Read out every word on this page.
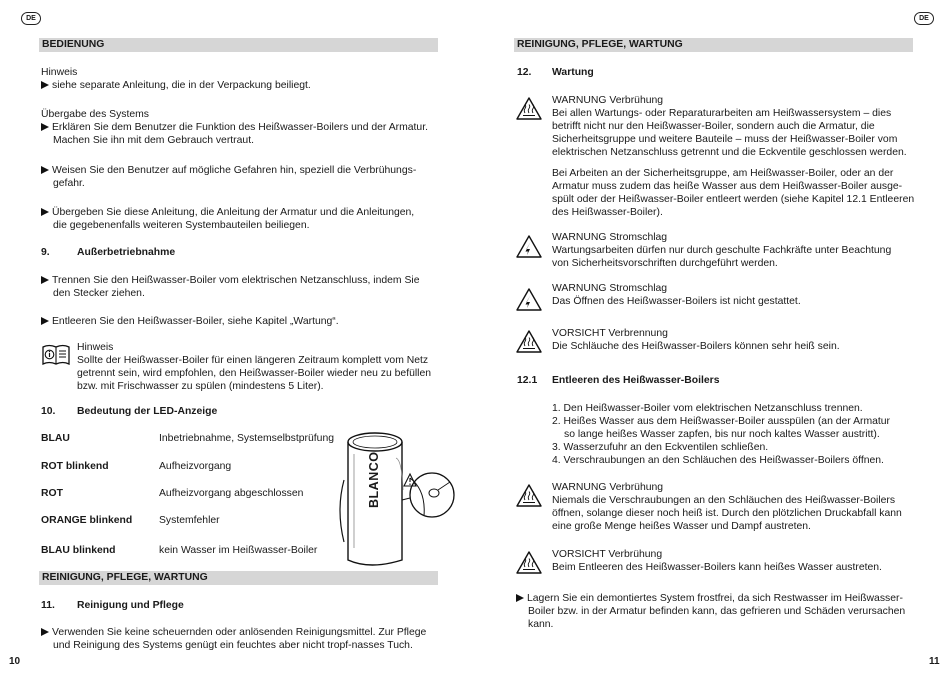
DE	DE
BEDIENUNG
Hinweis
siehe separate Anleitung, die in der Verpackung beiliegt.
Übergabe des Systems
Erklären Sie dem Benutzer die Funktion des Heißwasser-Boilers und der Armatur.
Machen Sie ihn mit dem Gebrauch vertraut.
Weisen Sie den Benutzer auf mögliche Gefahren hin, speziell die Verbrühungs-
gefahr.
Übergeben Sie diese Anleitung, die Anleitung der Armatur und die Anleitungen,
die gegebenenfalls weiteren Systembauteilen beiliegen.
9.	Außerbetriebnahme
Trennen Sie den Heißwasser-Boiler vom elektrischen Netzanschluss, indem Sie
den Stecker ziehen.
Entleeren Sie den Heißwasser-Boiler, siehe Kapitel „Wartung“.
Hinweis
Sollte der Heißwasser-Boiler für einen längeren Zeitraum komplett vom Netz
getrennt sein, wird empfohlen, den Heißwasser-Boiler wieder neu zu befüllen
bzw. mit Frischwasser zu spülen (mindestens 5 Liter).
10. Bedeutung der LED-Anzeige
BLAU	Inbetriebnahme, Systemselbstprüfung
ROT blinkend	Aufheizvorgang
ROT	Aufheizvorgang abgeschlossen
ORANGE blinkend	Systemfehler
BLAU blinkend	kein Wasser im Heißwasser-Boiler
BLANCO
REINIGUNG, PFLEGE, WARTUNG
11. Reinigung und Pflege
Verwenden Sie keine scheuernden oder anlösenden Reinigungsmittel. Zur Pflege
und Reinigung des Systems genügt ein feuchtes aber nicht tropf-nasses Tuch.
10
REINIGUNG, PFLEGE, WARTUNG
12. Wartung
WARNUNG Verbrühung
Bei allen Wartungs- oder Reparaturarbeiten am Heißwassersystem – dies
betrifft nicht nur den Heißwasser-Boiler, sondern auch die Armatur, die
Sicherheitsgruppe und weitere Bauteile – muss der Heißwasser-Boiler vom
elektrischen Netzanschluss getrennt und die Eckventile geschlossen werden.
Bei Arbeiten an der Sicherheitsgruppe, am Heißwasser-Boiler, oder an der
Armatur muss zudem das heiße Wasser aus dem Heißwasser-Boiler ausge-
spült oder der Heißwasser-Boiler entleert werden (siehe Kapitel 12.1 Entleeren
des Heißwasser-Boiler).
WARNUNG Stromschlag
Wartungsarbeiten dürfen nur durch geschulte Fachkräfte unter Beachtung
von Sicherheitsvorschriften durchgeführt werden.
WARNUNG Stromschlag
Das Öffnen des Heißwasser-Boilers ist nicht gestattet.
VORSICHT Verbrennung
Die Schläuche des Heißwasser-Boilers können sehr heiß sein.
12.1 Entleeren des Heißwasser-Boilers
1. Den Heißwasser-Boiler vom elektrischen Netzanschluss trennen.
2. Heißes Wasser aus dem Heißwasser-Boiler ausspülen (an der Armatur
so lange heißes Wasser zapfen, bis nur noch kaltes Wasser austritt).
3. Wasserzufuhr an den Eckventilen schließen.
4. Verschraubungen an den Schläuchen des Heißwasser-Boilers öffnen.
WARNUNG Verbrühung
Niemals die Verschraubungen an den Schläuchen des Heißwasser-Boilers
öffnen, solange dieser noch heiß ist. Durch den plötzlichen Druckabfall kann
eine große Menge heißes Wasser und Dampf austreten.
VORSICHT Verbrühung
Beim Entleeren des Heißwasser-Boilers kann heißes Wasser austreten.
Lagern Sie ein demontiertes System frostfrei, da sich Restwasser im Heißwasser-
Boiler bzw. in der Armatur befinden kann, das gefrieren und Schäden verursachen
kann.
11
